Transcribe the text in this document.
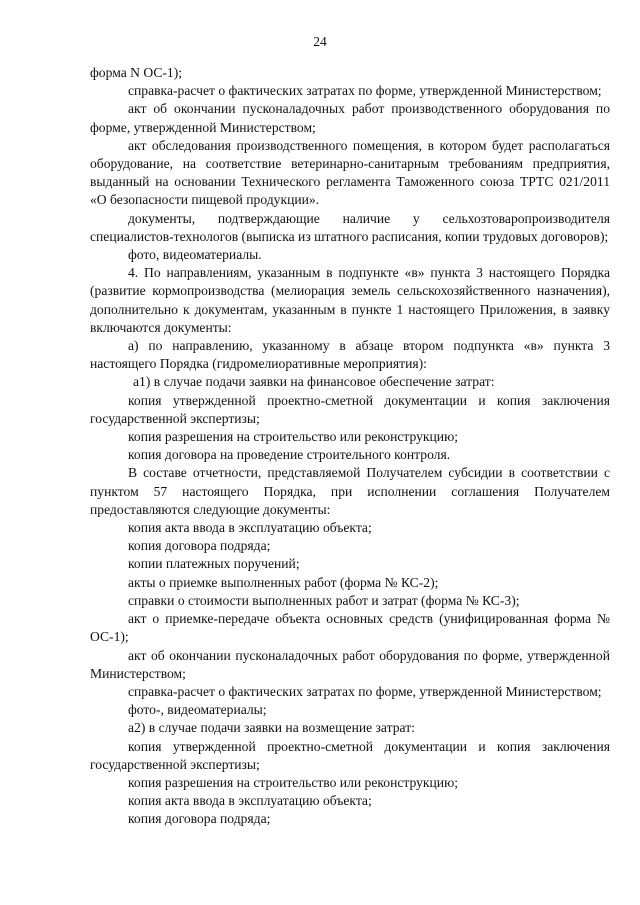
24

форма N ОС-1);

справка-расчет о фактических затратах по форме, утвержденной Министерством;

акт об окончании пусконаладочных работ производственного оборудования по форме, утвержденной Министерством;

акт обследования производственного помещения, в котором будет располагаться оборудование, на соответствие ветеринарно-санитарным требованиям предприятия, выданный на основании Технического регламента Таможенного союза ТРТС 021/2011 «О безопасности пищевой продукции».

документы, подтверждающие наличие у сельхозтоваропроизводителя специалистов-технологов (выписка из штатного расписания, копии трудовых договоров);

фото, видеоматериалы.

4. По направлениям, указанным в подпункте «в» пункта 3 настоящего Порядка (развитие кормопроизводства (мелиорация земель сельскохозяйственного назначения), дополнительно к документам, указанным в пункте 1 настоящего Приложения, в заявку включаются документы:

а) по направлению, указанному в абзаце втором подпункта «в» пункта 3 настоящего Порядка (гидромелиоративные мероприятия):

а1) в случае подачи заявки на финансовое обеспечение затрат:

копия утвержденной проектно-сметной документации и копия заключения государственной экспертизы;

копия разрешения на строительство или реконструкцию;

копия договора на проведение строительного контроля.

В составе отчетности, представляемой Получателем субсидии в соответствии с пунктом 57 настоящего Порядка, при исполнении соглашения Получателем предоставляются следующие документы:

копия акта ввода в эксплуатацию объекта;

копия договора подряда;

копии платежных поручений;

акты о приемке выполненных работ (форма № КС-2);

справки о стоимости выполненных работ и затрат (форма № КС-3);

акт о приемке-передаче объекта основных средств (унифицированная форма № ОС-1);

акт об окончании пусконаладочных работ оборудования по форме, утвержденной Министерством;

справка-расчет о фактических затратах по форме, утвержденной Министерством;

фото-, видеоматериалы;

а2) в случае подачи заявки на возмещение затрат:

копия утвержденной проектно-сметной документации и копия заключения государственной экспертизы;

копия разрешения на строительство или реконструкцию;

копия акта ввода в эксплуатацию объекта;

копия договора подряда;
